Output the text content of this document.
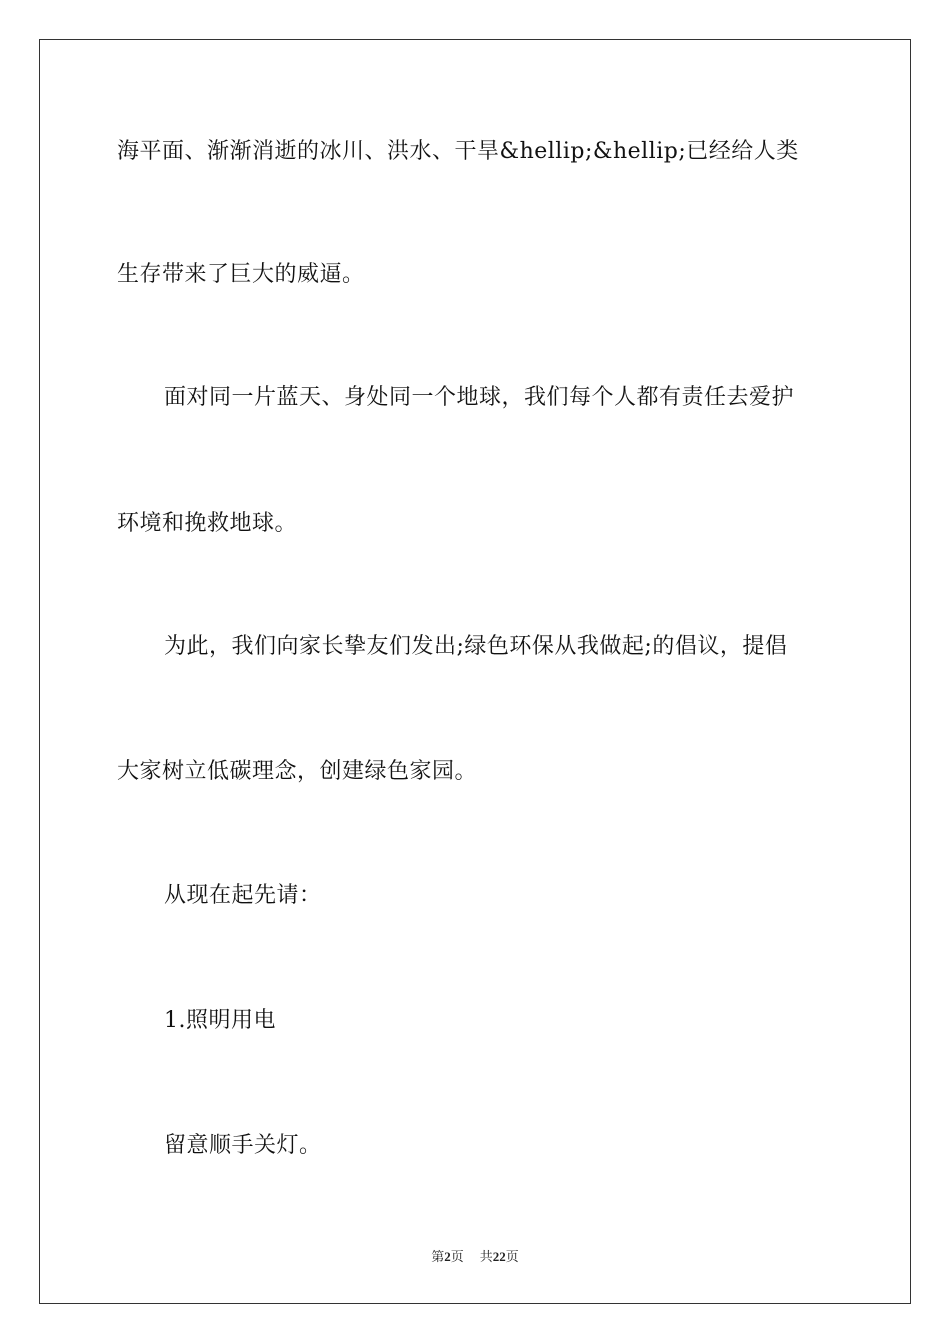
海平面、渐渐消逝的冰川、洪水、干旱&hellip;&hellip;已经给人类
生存带来了巨大的威逼。
面对同一片蓝天、身处同一个地球，我们每个人都有责任去爱护
环境和挽救地球。
为此，我们向家长挚友们发出;绿色环保从我做起;的倡议，提倡
大家树立低碳理念，创建绿色家园。
从现在起先请：
1.照明用电
留意顺手关灯。
第2页 共22页
